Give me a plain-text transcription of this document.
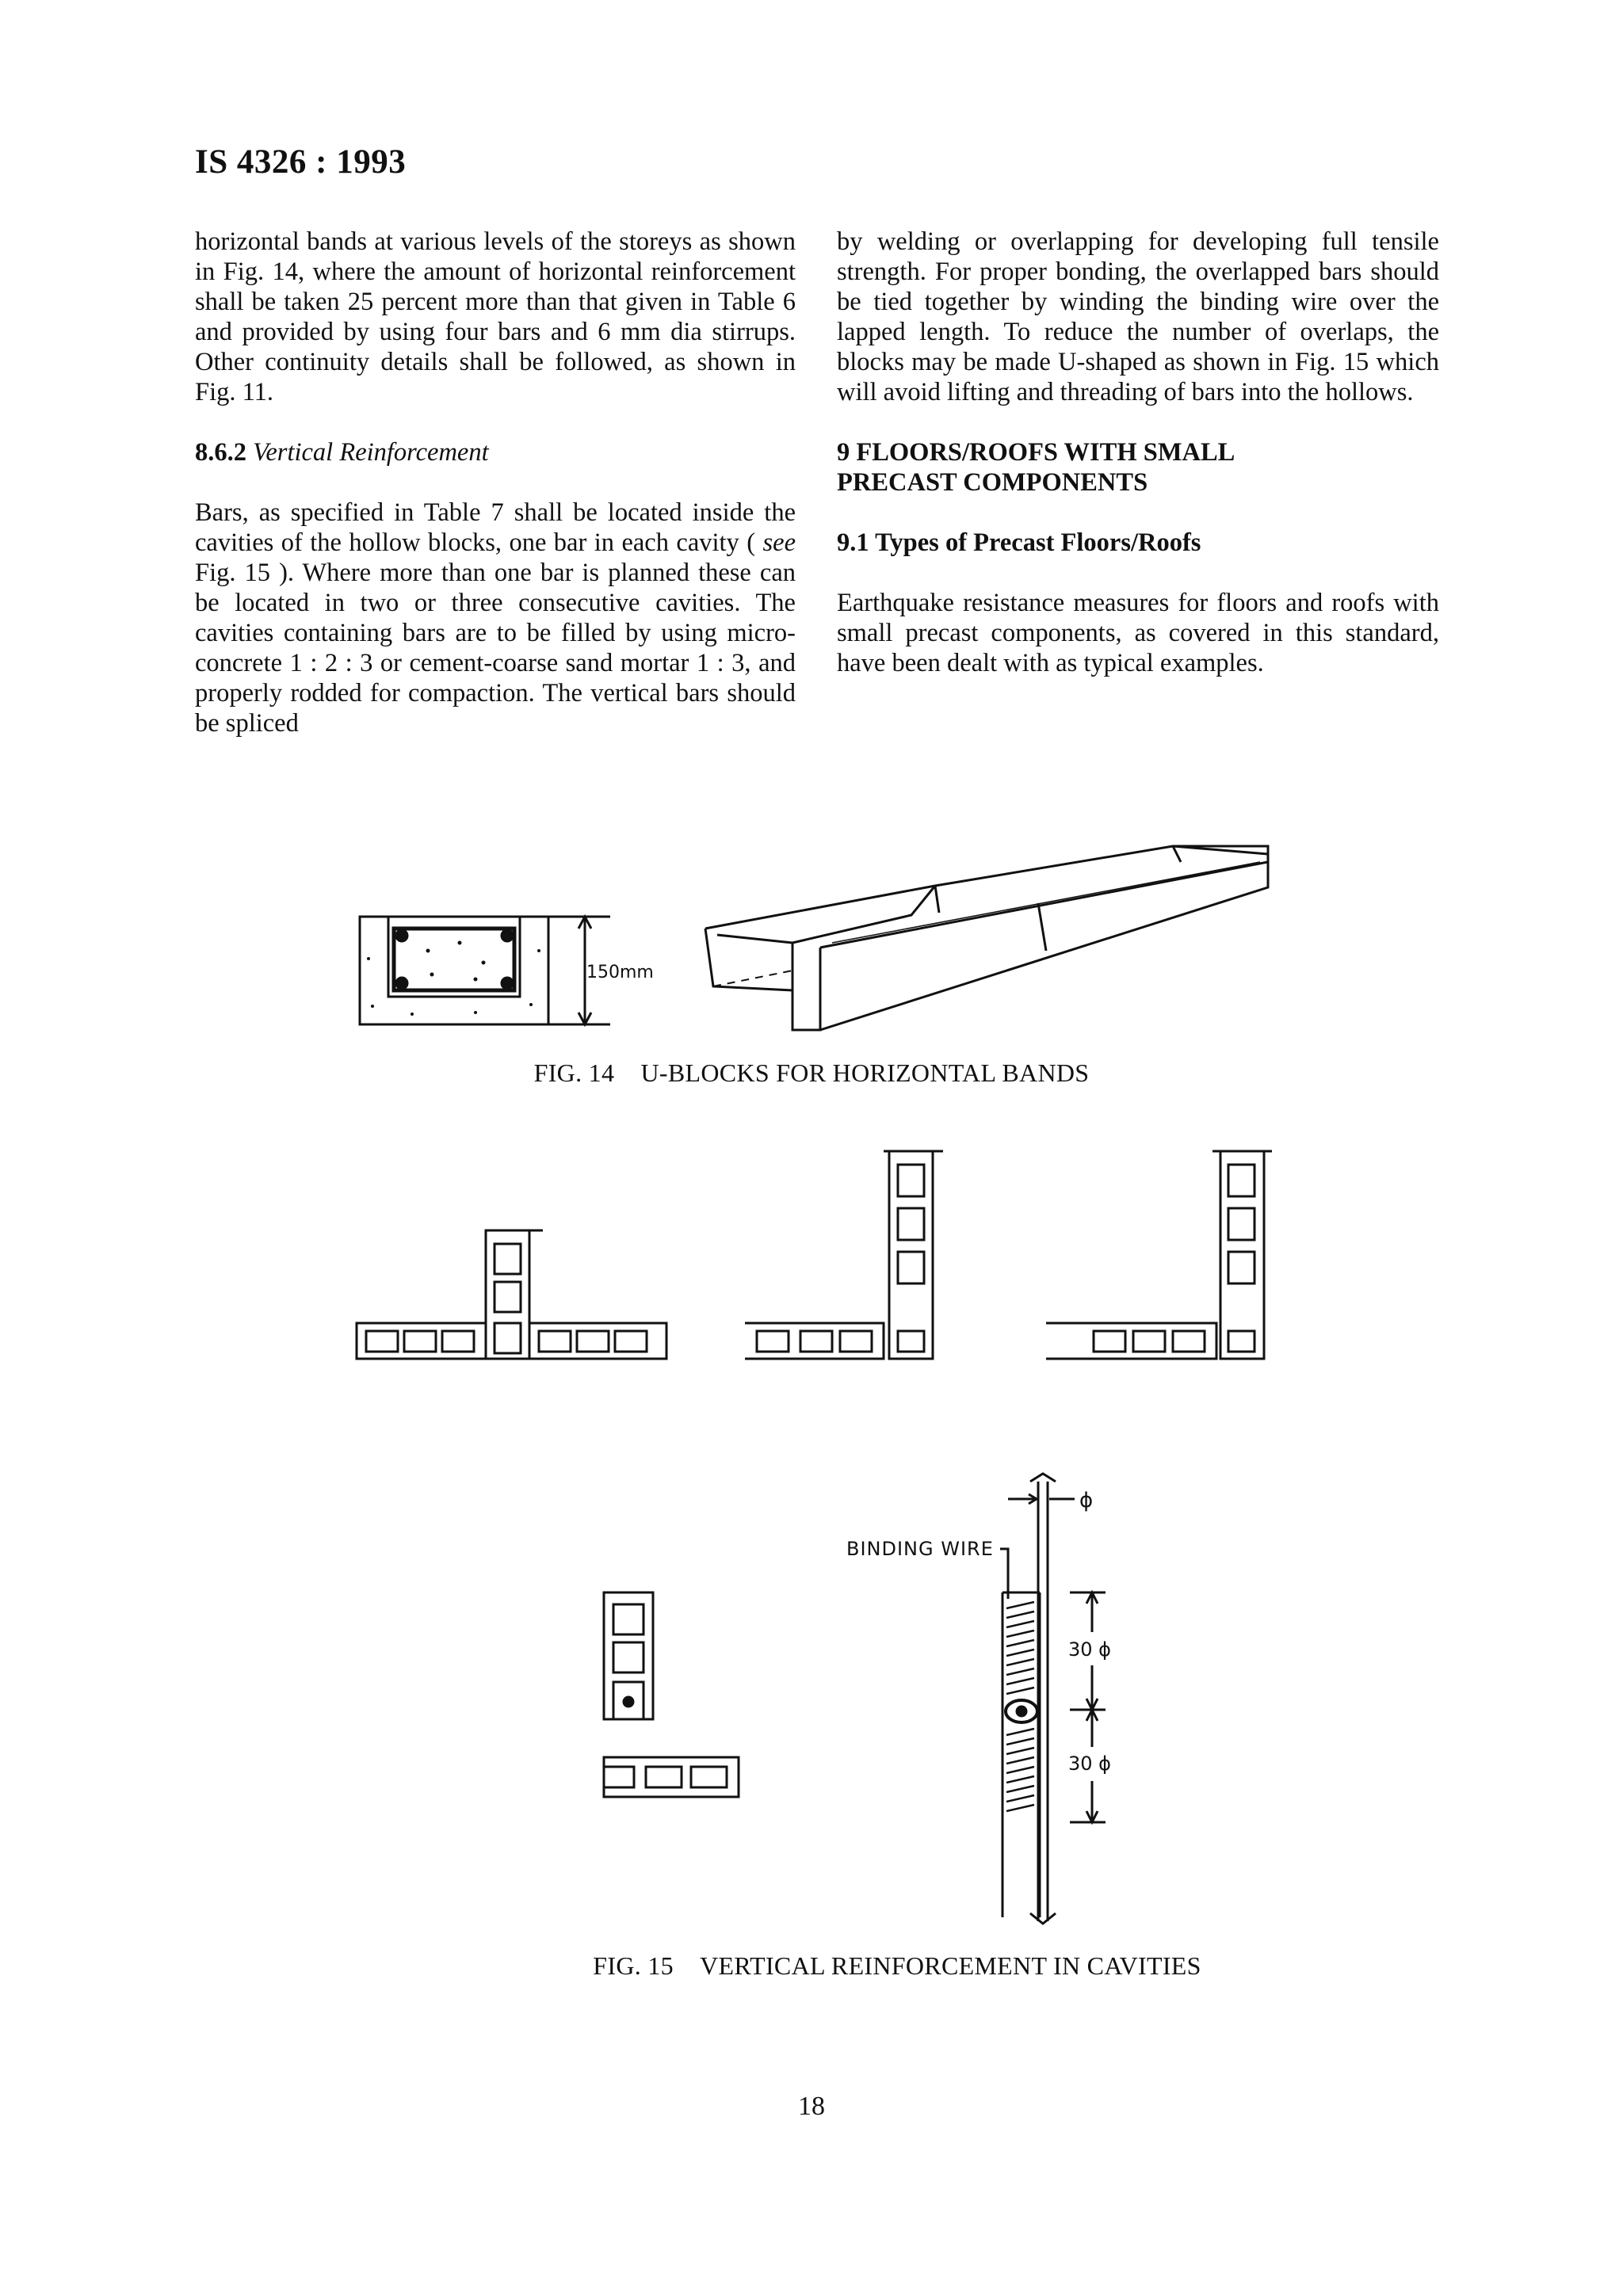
IS 4326 : 1993

horizontal bands at various levels of the storeys as shown in Fig. 14, where the amount of horizontal reinforcement shall be taken 25 percent more than that given in Table 6 and provided by using four bars and 6 mm dia stirrups. Other continuity details shall be followed, as shown in Fig. 11.

8.6.2 Vertical Reinforcement

Bars, as specified in Table 7 shall be located inside the cavities of the hollow blocks, one bar in each cavity ( see Fig. 15 ). Where more than one bar is planned these can be located in two or three consecutive cavities. The cavities containing bars are to be filled by using micro-concrete 1 : 2 : 3 or cement-coarse sand mortar 1 : 3, and properly rodded for compaction. The vertical bars should be spliced

by welding or overlapping for developing full tensile strength. For proper bonding, the overlapped bars should be tied together by winding the binding wire over the lapped length. To reduce the number of overlaps, the blocks may be made U-shaped as shown in Fig. 15 which will avoid lifting and threading of bars into the hollows.

9 FLOORS/ROOFS WITH SMALL

PRECAST COMPONENTS

9.1 Types of Precast Floors/Roofs

Earthquake resistance measures for floors and roofs with small precast components, as covered in this standard, have been dealt with as typical examples.

150mm
ϕ
BINDING WIRE
30 ϕ
30 ϕ
FIG. 14 U-BLOCKS FOR HORIZONTAL BANDS
FIG. 15 VERTICAL REINFORCEMENT IN CAVITIES
18
